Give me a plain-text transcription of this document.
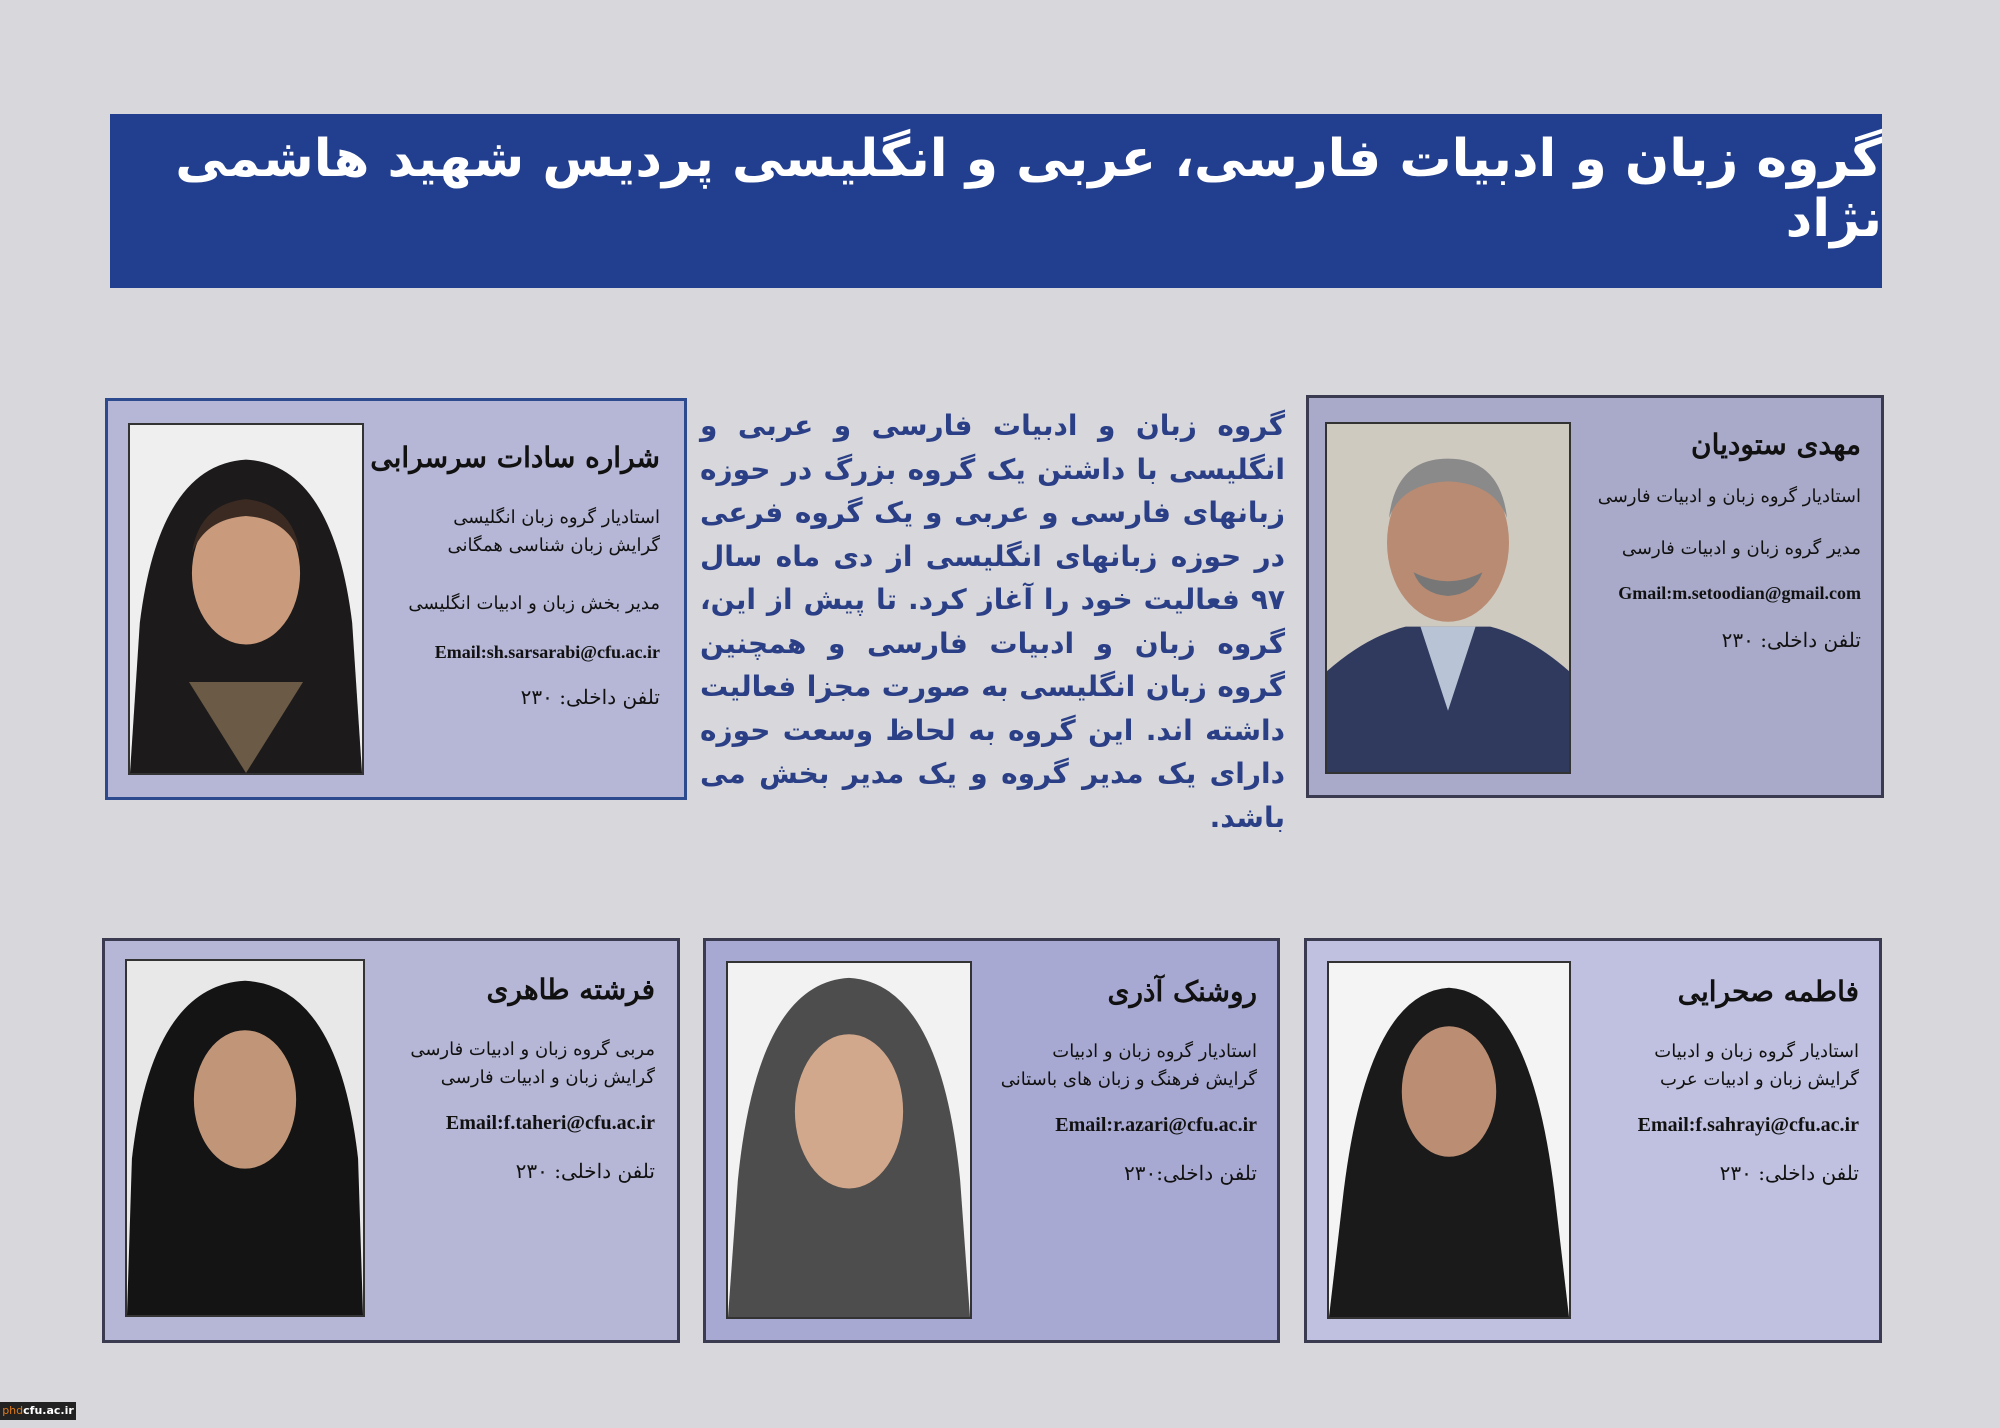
گروه زبان و ادبیات فارسی، عربی و انگلیسی پردیس شهید هاشمی نژاد
گروه زبان و ادبیات فارسی و عربی و انگلیسی با داشتن یک گروه بزرگ در حوزه زبانهای فارسی و عربی و یک گروه فرعی در حوزه زبانهای انگلیسی از دی ماه سال ۹۷ فعالیت خود را آغاز کرد. تا پیش از این، گروه زبان و ادبیات فارسی و همچنین گروه زبان انگلیسی به صورت مجزا فعالیت داشته اند. این گروه به لحاظ وسعت حوزه دارای یک مدیر گروه و یک مدیر بخش می باشد.

مهدی ستودیان

استادیار گروه زبان و ادبیات فارسی

مدیر گروه زبان و ادبیات فارسی

Gmail:m.setoodian@gmail.com

تلفن داخلی: ۲۳۰

شراره سادات سرسرابی

استادیار گروه زبان انگلیسی

گرایش زبان شناسی همگانی

مدیر بخش زبان و ادبیات انگلیسی

Email:sh.sarsarabi@cfu.ac.ir

تلفن داخلی: ۲۳۰

فاطمه صحرایی

استادیار گروه زبان و ادبیات

گرایش زبان و ادبیات عرب

Email:f.sahrayi@cfu.ac.ir

تلفن داخلی: ۲۳۰

روشنک آذری

استادیار گروه زبان و ادبیات

گرایش فرهنگ و زبان های باستانی

Email:r.azari@cfu.ac.ir

تلفن داخلی:۲۳۰

فرشته طاهری

مربی گروه زبان و ادبیات فارسی

گرایش زبان و ادبیات فارسی

Email:f.taheri@cfu.ac.ir

تلفن داخلی: ۲۳۰

phdcfu.ac.ir
